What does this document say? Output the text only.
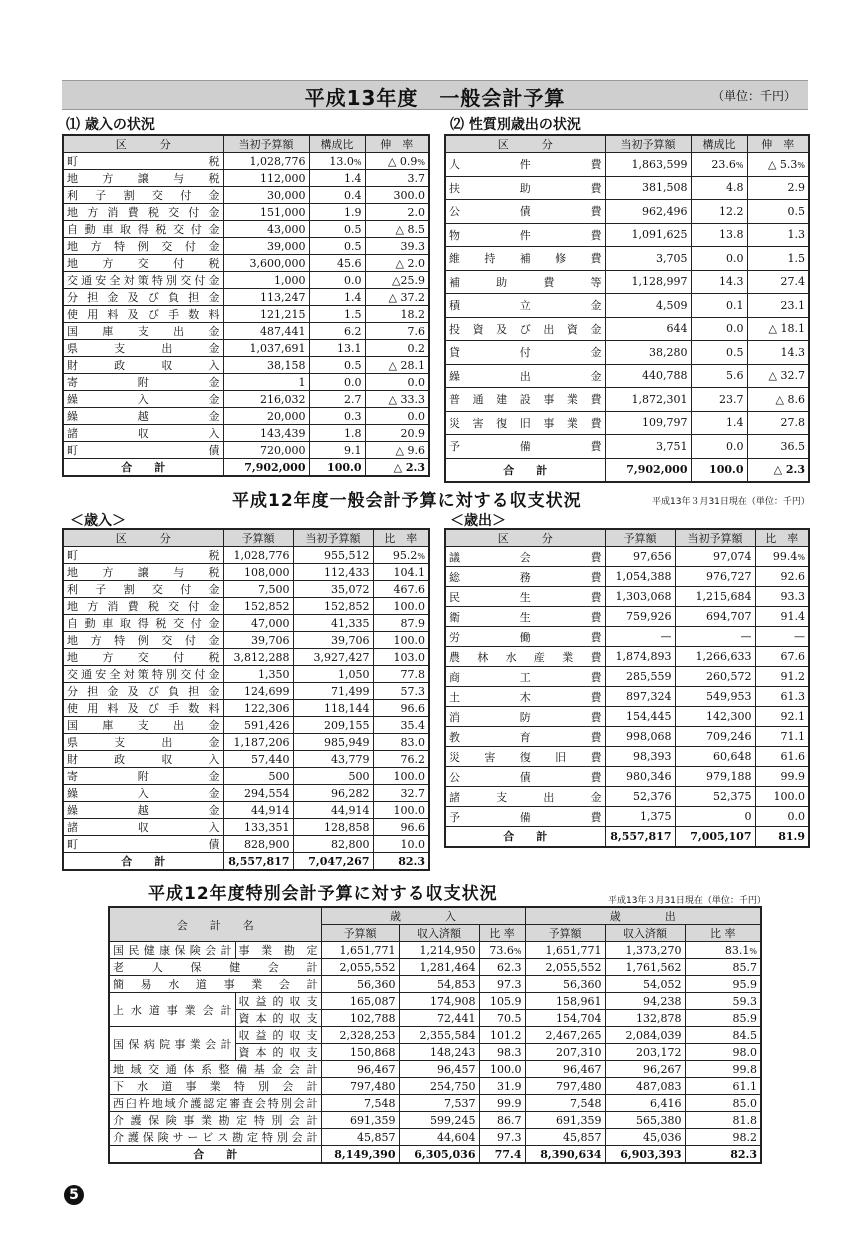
平成13年度　一般会計予算	（単位：千円）
⑴ 歳入の状況
区　　　分	当初予算額	構成比	伸　率
町税	1,028,776	13.0%	△ 0.9%
地方譲与税	112,000	1.4	3.7
利子割交付金	30,000	0.4	300.0
地方消費税交付金	151,000	1.9	2.0
自動車取得税交付金	43,000	0.5	△ 8.5
地方特例交付金	39,000	0.5	39.3
地方交付税	3,600,000	45.6	△ 2.0
交通安全対策特別交付金	1,000	0.0	△25.9
分担金及び負担金	113,247	1.4	△ 37.2
使用料及び手数料	121,215	1.5	18.2
国庫支出金	487,441	6.2	7.6
県支出金	1,037,691	13.1	0.2
財政収入	38,158	0.5	△ 28.1
寄附金	1	0.0	0.0
繰入金	216,032	2.7	△ 33.3
繰越金	20,000	0.3	0.0
諸収入	143,439	1.8	20.9
町債	720,000	9.1	△ 9.6
合　　計	7,902,000	100.0	△ 2.3
⑵ 性質別歳出の状況
区　　　分	当初予算額	構成比	伸　率
人件費	1,863,599	23.6%	△ 5.3%
扶助費	381,508	4.8	2.9
公債費	962,496	12.2	0.5
物件費	1,091,625	13.8	1.3
維持補修費	3,705	0.0	1.5
補助費等	1,128,997	14.3	27.4
積立金	4,509	0.1	23.1
投資及び出資金	644	0.0	△ 18.1
貸付金	38,280	0.5	14.3
繰出金	440,788	5.6	△ 32.7
普通建設事業費	1,872,301	23.7	△ 8.6
災害復旧事業費	109,797	1.4	27.8
予備費	3,751	0.0	36.5
合　　計	7,902,000	100.0	△ 2.3
平成12年度一般会計予算に対する収支状況	平成13年３月31日現在（単位：千円）
＜歳入＞
区　　　分	予算額	当初予算額	比　率
町税	1,028,776	955,512	95.2%
地方譲与税	108,000	112,433	104.1
利子割交付金	7,500	35,072	467.6
地方消費税交付金	152,852	152,852	100.0
自動車取得税交付金	47,000	41,335	87.9
地方特例交付金	39,706	39,706	100.0
地方交付税	3,812,288	3,927,427	103.0
交通安全対策特別交付金	1,350	1,050	77.8
分担金及び負担金	124,699	71,499	57.3
使用料及び手数料	122,306	118,144	96.6
国庫支出金	591,426	209,155	35.4
県支出金	1,187,206	985,949	83.0
財政収入	57,440	43,779	76.2
寄附金	500	500	100.0
繰入金	294,554	96,282	32.7
繰越金	44,914	44,914	100.0
諸収入	133,351	128,858	96.6
町債	828,900	82,800	10.0
合　　計	8,557,817	7,047,267	82.3
＜歳出＞
区　　　分	予算額	当初予算額	比　率
議会費	97,656	97,074	99.4%
総務費	1,054,388	976,727	92.6
民生費	1,303,068	1,215,684	93.3
衛生費	759,926	694,707	91.4
労働費	—	—	—
農林水産業費	1,874,893	1,266,633	67.6
商工費	285,559	260,572	91.2
土木費	897,324	549,953	61.3
消防費	154,445	142,300	92.1
教育費	998,068	709,246	71.1
災害復旧費	98,393	60,648	61.6
公債費	980,346	979,188	99.9
諸支出金	52,376	52,375	100.0
予備費	1,375	0	0.0
合　　計	8,557,817	7,005,107	81.9
平成12年度特別会計予算に対する収支状況	平成13年３月31日現在（単位：千円）
会　　計　　名		歳　　　　入			歳　　　　出		
		予算額	収入済額	比 率	予算額	収入済額	比 率
国民健康保険会計	事業勘定	1,651,771	1,214,950	73.6%	1,651,771	1,373,270	83.1%
老人保健会計		2,055,552	1,281,464	62.3	2,055,552	1,761,562	85.7
簡易水道事業会計		56,360	54,853	97.3	56,360	54,052	95.9
上水道事業会計	収益的収支	165,087	174,908	105.9	158,961	94,238	59.3
	資本的収支	102,788	72,441	70.5	154,704	132,878	85.9
国保病院事業会計	収益的収支	2,328,253	2,355,584	101.2	2,467,265	2,084,039	84.5
	資本的収支	150,868	148,243	98.3	207,310	203,172	98.0
地域交通体系整備基金会計		96,467	96,457	100.0	96,467	96,267	99.8
下水道事業特別会計		797,480	254,750	31.9	797,480	487,083	61.1
西臼杵地域介護認定審査会特別会計		7,548	7,537	99.9	7,548	6,416	85.0
介護保険事業勘定特別会計		691,359	599,245	86.7	691,359	565,380	81.8
介護保険サービス勘定特別会計		45,857	44,604	97.3	45,857	45,036	98.2
合　　計		8,149,390	6,305,036	77.4	8,390,634	6,903,393	82.3
5
